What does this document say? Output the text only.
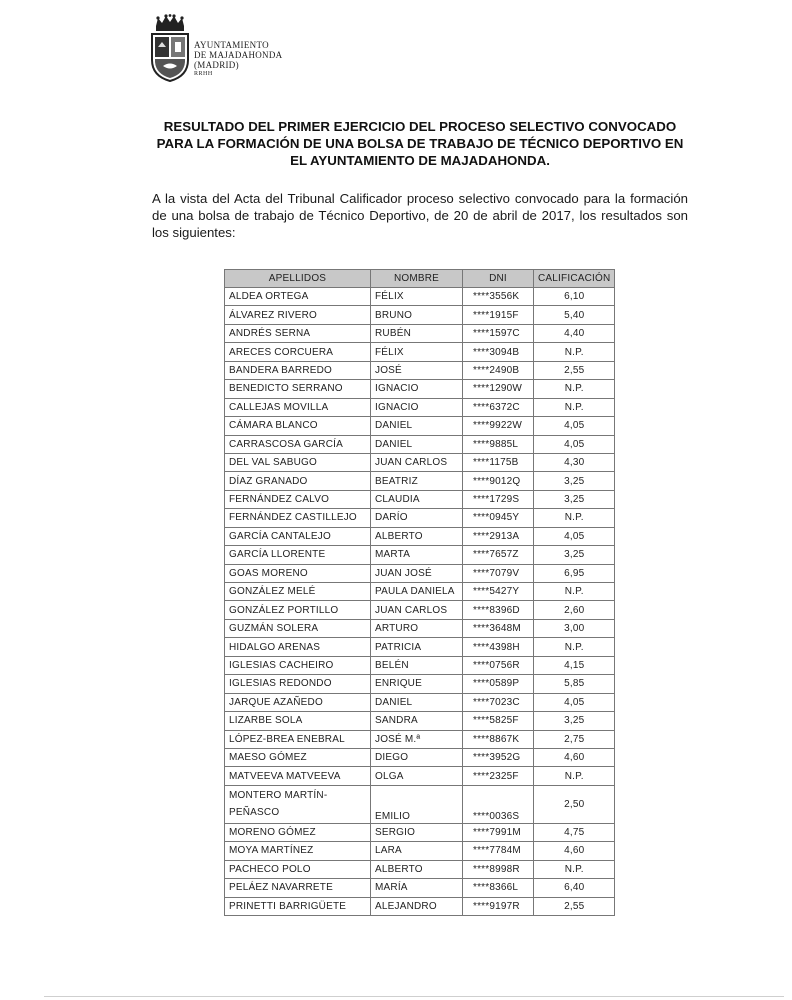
AYUNTAMIENTO
DE MAJADAHONDA
(MADRID)
RRHH
RESULTADO DEL PRIMER EJERCICIO DEL PROCESO SELECTIVO CONVOCADO
PARA LA FORMACIÓN DE UNA BOLSA DE TRABAJO DE TÉCNICO DEPORTIVO EN
EL AYUNTAMIENTO DE MAJADAHONDA.

A la vista del Acta del Tribunal Calificador proceso selectivo convocado para la formación de una bolsa de trabajo de Técnico Deportivo, de 20 de abril de 2017, los resultados son los siguientes:

APELLIDOS	NOMBRE	DNI	CALIFICACIÓN
ALDEA ORTEGA	FÉLIX	****3556K	6,10
ÁLVAREZ RIVERO	BRUNO	****1915F	5,40
ANDRÉS SERNA	RUBÉN	****1597C	4,40
ARECES CORCUERA	FÉLIX	****3094B	N.P.
BANDERA BARREDO	JOSÉ	****2490B	2,55
BENEDICTO SERRANO	IGNACIO	****1290W	N.P.
CALLEJAS MOVILLA	IGNACIO	****6372C	N.P.
CÁMARA BLANCO	DANIEL	****9922W	4,05
CARRASCOSA GARCÍA	DANIEL	****9885L	4,05
DEL VAL SABUGO	JUAN CARLOS	****1175B	4,30
DÍAZ GRANADO	BEATRIZ	****9012Q	3,25
FERNÁNDEZ CALVO	CLAUDIA	****1729S	3,25
FERNÁNDEZ CASTILLEJO	DARÍO	****0945Y	N.P.
GARCÍA CANTALEJO	ALBERTO	****2913A	4,05
GARCÍA LLORENTE	MARTA	****7657Z	3,25
GOAS MORENO	JUAN JOSÉ	****7079V	6,95
GONZÁLEZ MELÉ	PAULA DANIELA	****5427Y	N.P.
GONZÁLEZ PORTILLO	JUAN CARLOS	****8396D	2,60
GUZMÁN SOLERA	ARTURO	****3648M	3,00
HIDALGO ARENAS	PATRICIA	****4398H	N.P.
IGLESIAS CACHEIRO	BELÉN	****0756R	4,15
IGLESIAS REDONDO	ENRIQUE	****0589P	5,85
JARQUE AZAÑEDO	DANIEL	****7023C	4,05
LIZARBE SOLA	SANDRA	****5825F	3,25
LÓPEZ-BREA ENEBRAL	JOSÉ M.ª	****8867K	2,75
MAESO GÓMEZ	DIEGO	****3952G	4,60
MATVEEVA MATVEEVA	OLGA	****2325F	N.P.
MONTERO MARTÍN-PEÑASCO	EMILIO	****0036S	2,50
MORENO GÓMEZ	SERGIO	****7991M	4,75
MOYA MARTÍNEZ	LARA	****7784M	4,60
PACHECO POLO	ALBERTO	****8998R	N.P.
PELÁEZ NAVARRETE	MARÍA	****8366L	6,40
PRINETTI BARRIGÜETE	ALEJANDRO	****9197R	2,55
